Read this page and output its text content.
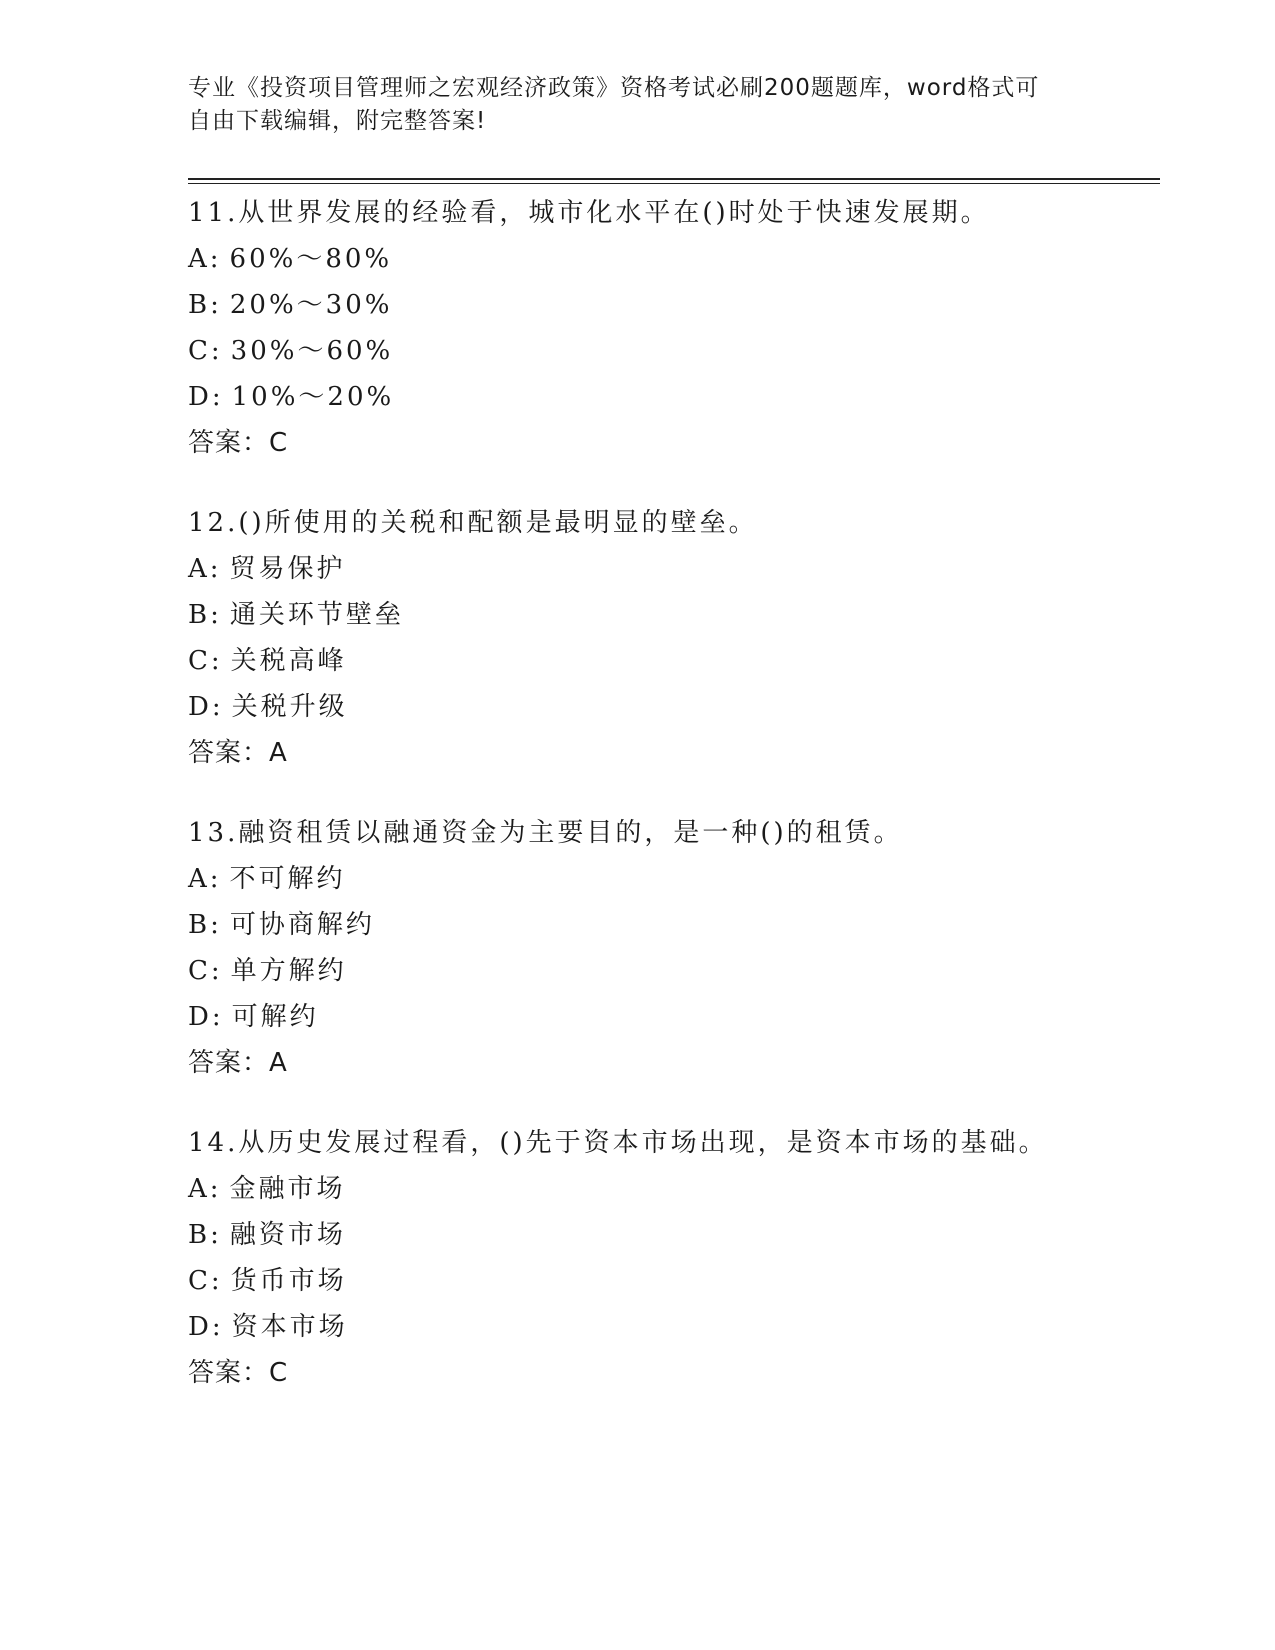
专业《投资项目管理师之宏观经济政策》资格考试必刷200题题库，word格式可
自由下载编辑，附完整答案!
11.从世界发展的经验看，城市化水平在()时处于快速发展期。
A: 60%～80%
B: 20%～30%
C: 30%～60%
D: 10%～20%
答案：C
12.()所使用的关税和配额是最明显的壁垒。
A: 贸易保护
B: 通关环节壁垒
C: 关税高峰
D: 关税升级
答案：A
13.融资租赁以融通资金为主要目的，是一种()的租赁。
A: 不可解约
B: 可协商解约
C: 单方解约
D: 可解约
答案：A
14.从历史发展过程看，()先于资本市场出现，是资本市场的基础。
A: 金融市场
B: 融资市场
C: 货币市场
D: 资本市场
答案：C
